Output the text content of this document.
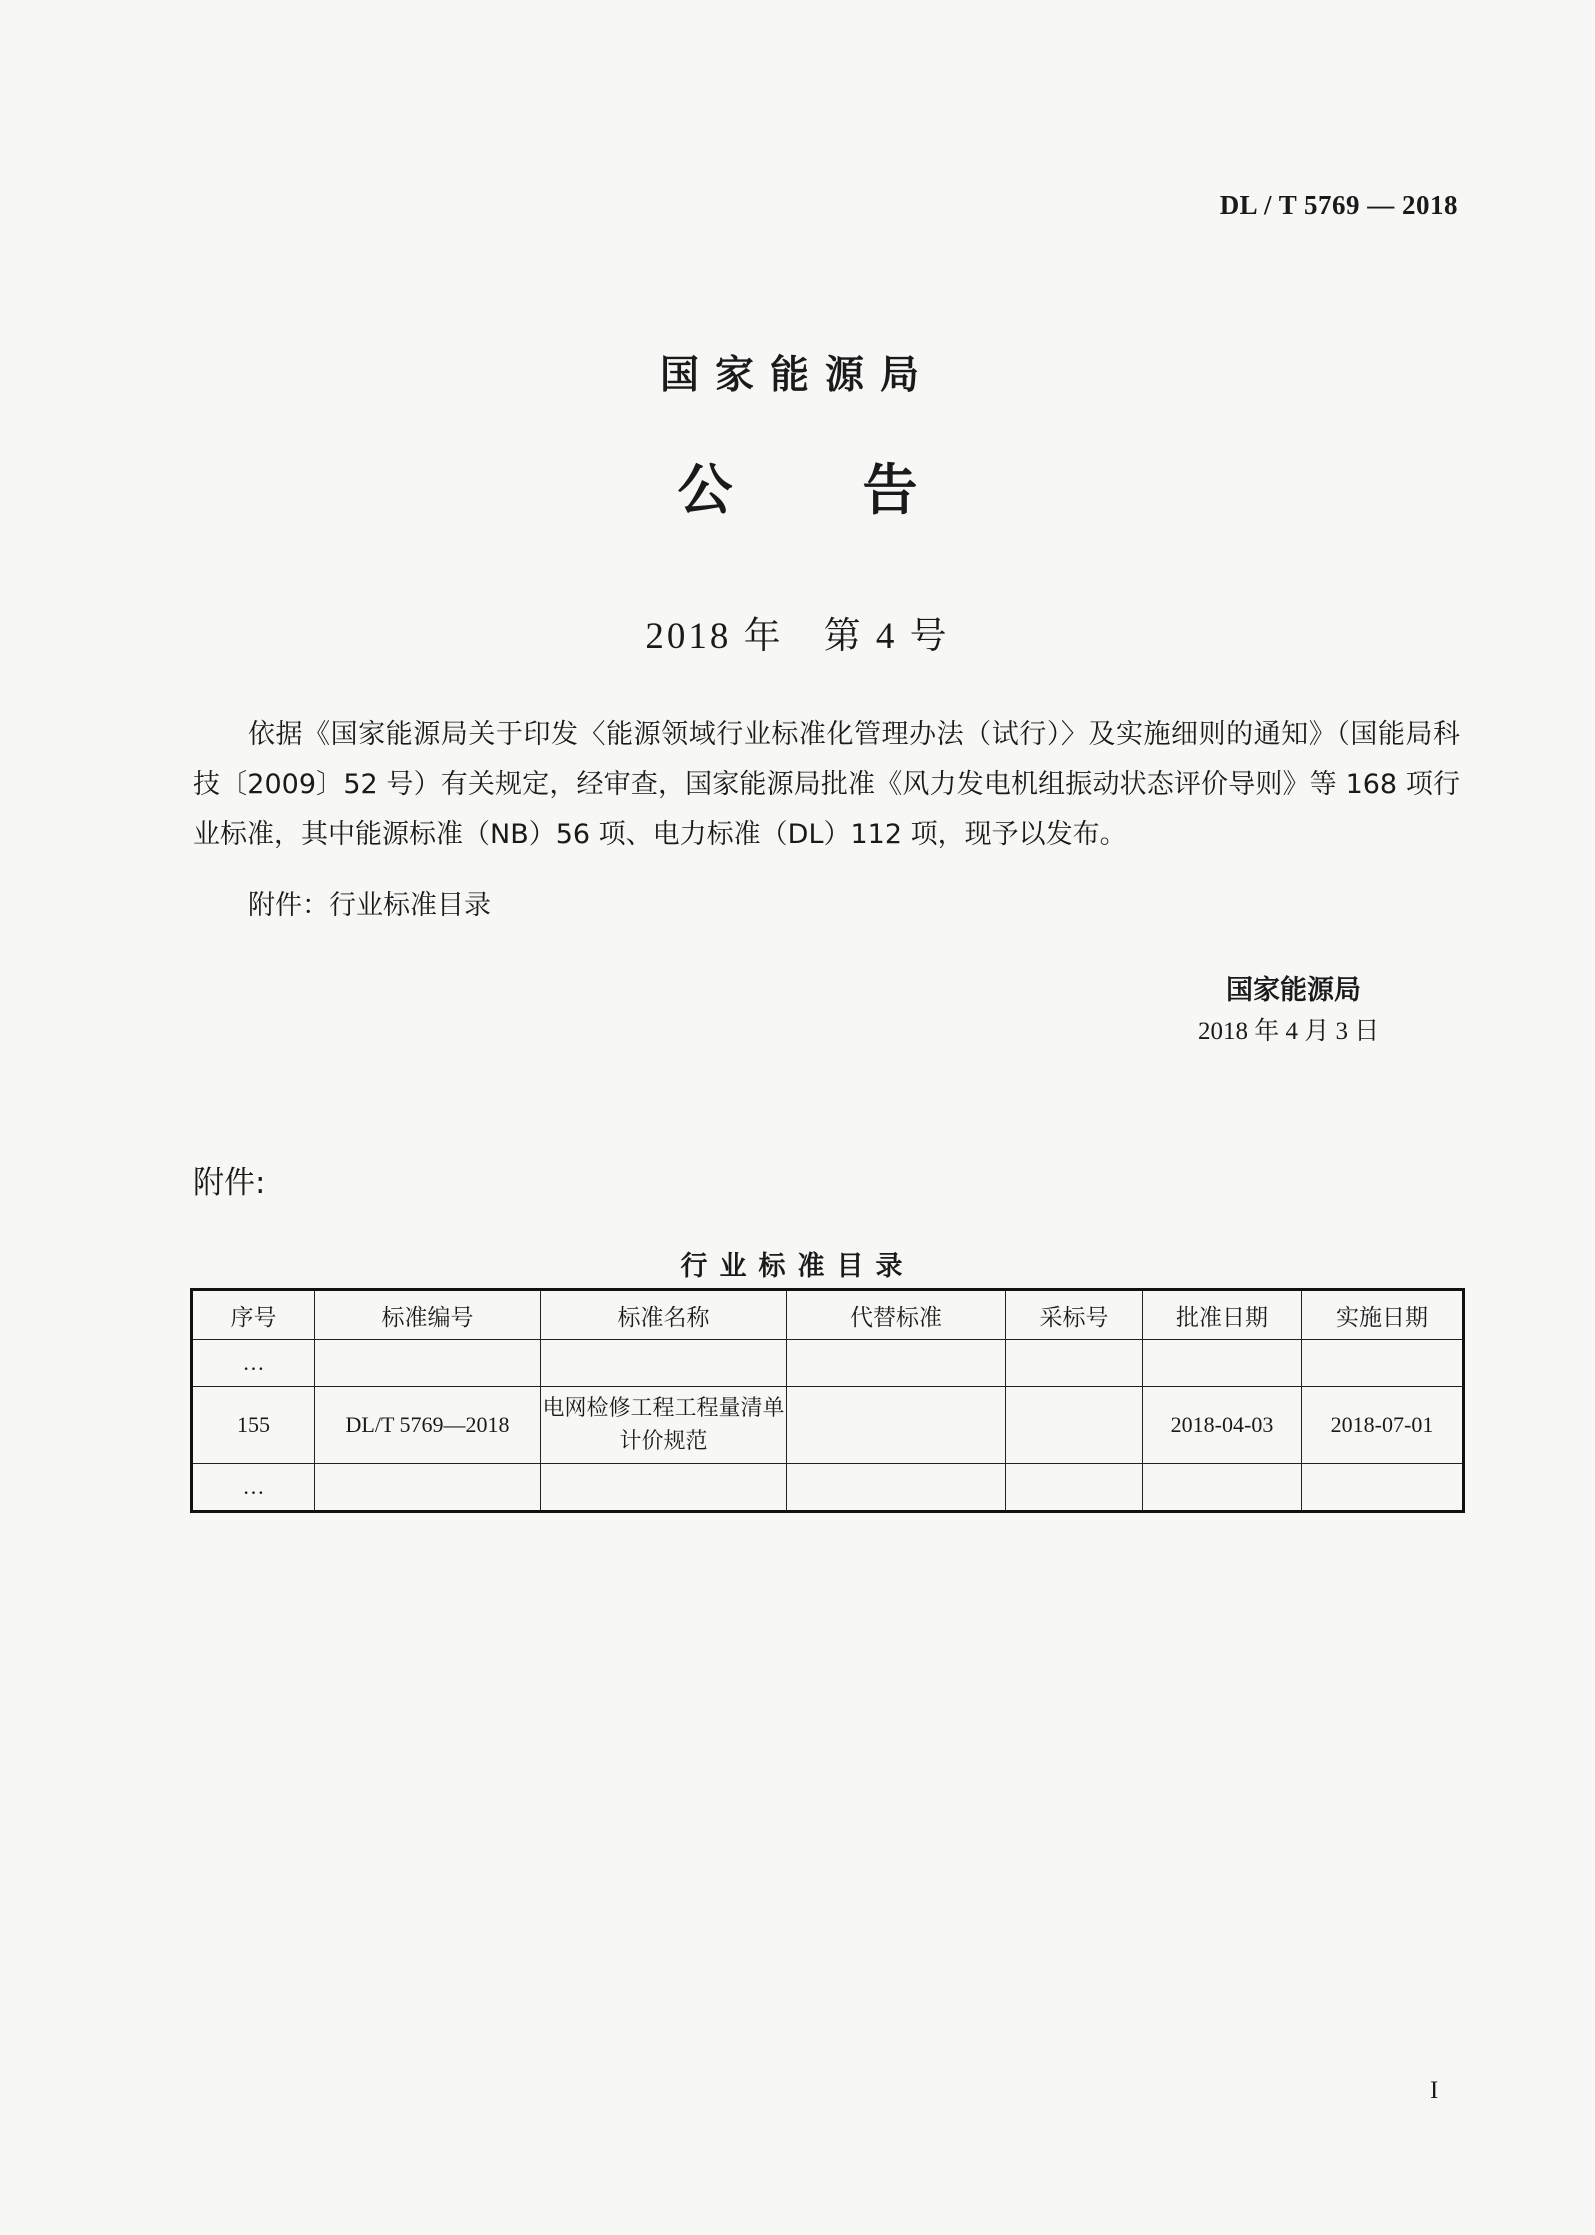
DL / T 5769 — 2018
国家能源局
公告
2018 年　第 4 号
依据《国家能源局关于印发〈能源领域行业标准化管理办法（试行）〉及实施细则的通知》（国能局科技〔2009〕52 号）有关规定，经审查，国家能源局批准《风力发电机组振动状态评价导则》等 168 项行业标准，其中能源标准（NB）56 项、电力标准（DL）112 项，现予以发布。
附件：行业标准目录
国家能源局
2018 年 4 月 3 日
附件:
行业标准目录
序号	标准编号	标准名称	代替标准	采标号	批准日期	实施日期
…						
155	DL/T 5769—2018	电网检修工程工程量清单计价规范			2018-04-03	2018-07-01
…						
I
